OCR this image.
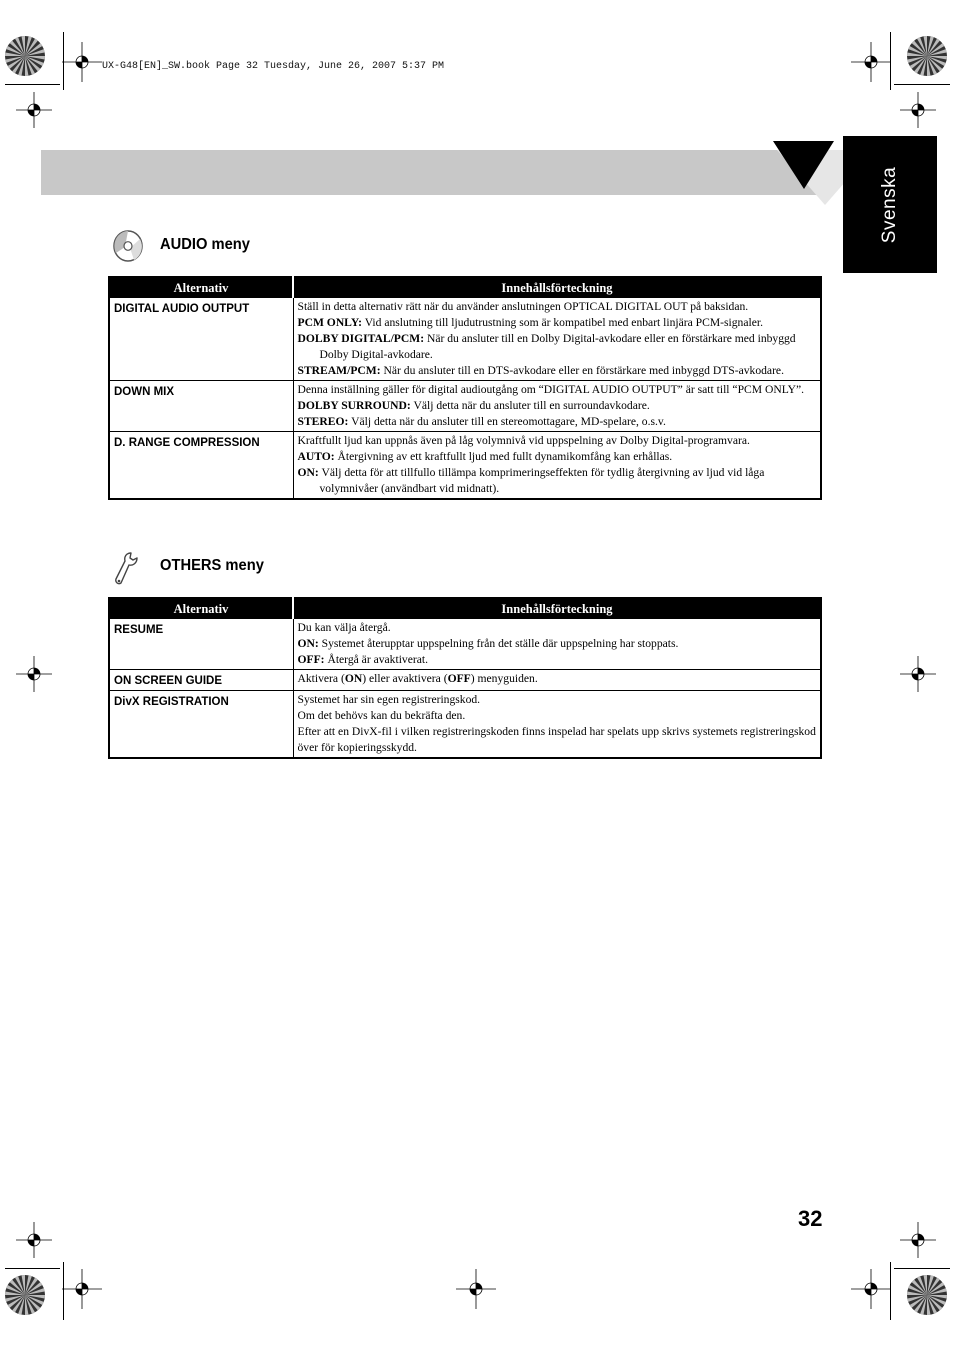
UX-G48[EN]_SW.book Page 32 Tuesday, June 26, 2007 5:37 PM
Svenska
AUDIO meny
Alternativ	Innehållsförteckning
DIGITAL AUDIO OUTPUT	Ställ in detta alternativ rätt när du använder anslutningen OPTICAL DIGITAL OUT på baksidan.
PCM ONLY: Vid anslutning till ljudutrustning som är kompatibel med enbart linjära PCM-signaler.
DOLBY DIGITAL/PCM: När du ansluter till en Dolby Digital-avkodare eller en förstärkare med inbyggd Dolby Digital-avkodare.
STREAM/PCM: När du ansluter till en DTS-avkodare eller en förstärkare med inbyggd DTS-avkodare.

DOWN MIX	Denna inställning gäller för digital audioutgång om “DIGITAL AUDIO OUTPUT” är satt till “PCM ONLY”.
DOLBY SURROUND: Välj detta när du ansluter till en surroundavkodare.
STEREO: Välj detta när du ansluter till en stereomottagare, MD-spelare, o.s.v.

D. RANGE COMPRESSION	Kraftfullt ljud kan uppnås även på låg volymnivå vid uppspelning av Dolby Digital-programvara.
AUTO: Återgivning av ett kraftfullt ljud med fullt dynamikomfång kan erhållas.
ON: Välj detta för att tillfullo tillämpa komprimeringseffekten för tydlig återgivning av ljud vid låga volymnivåer (användbart vid midnatt).
OTHERS meny
Alternativ	Innehållsförteckning
RESUME	Du kan välja återgå.
ON: Systemet återupptar uppspelning från det ställe där uppspelning har stoppats.
OFF: Återgå är avaktiverat.

ON SCREEN GUIDE	Aktivera (ON) eller avaktivera (OFF) menyguiden.

DivX REGISTRATION	Systemet har sin egen registreringskod.
Om det behövs kan du bekräfta den.
Efter att en DivX-fil i vilken registreringskoden finns inspelad har spelats upp skrivs systemets registreringskod över för kopieringsskydd.
32
